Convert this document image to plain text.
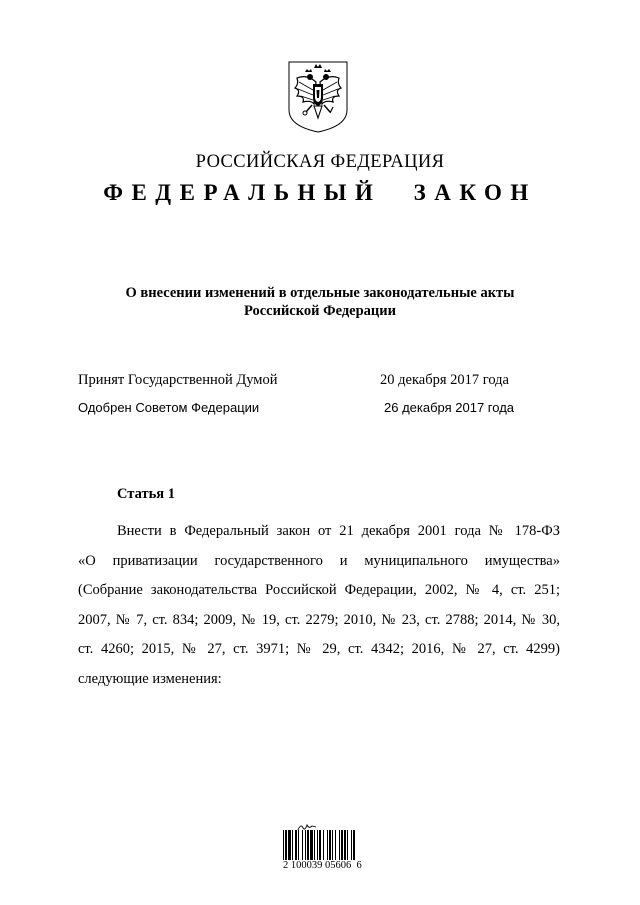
РОССИЙСКАЯ ФЕДЕРАЦИЯ
ФЕДЕРАЛЬНЫЙ ЗАКОН
О внесении изменений в отдельные законодательные акты
Российской Федерации
Принят Государственной Думой	20 декабря 2017 года
Одобрен Советом Федерации	26 декабря 2017 года
Статья 1
Внести в Федеральный закон от 21 декабря 2001 года № 178-ФЗ
«О приватизации государственного и муниципального имущества»
(Собрание законодательства Российской Федерации, 2002, № 4, ст. 251;
2007, № 7, ст. 834; 2009, № 19, ст. 2279; 2010, № 23, ст. 2788; 2014, № 30,
ст. 4260; 2015, № 27, ст. 3971; № 29, ст. 4342; 2016, № 27, ст. 4299)
следующие изменения:
2 100039 05606  6
